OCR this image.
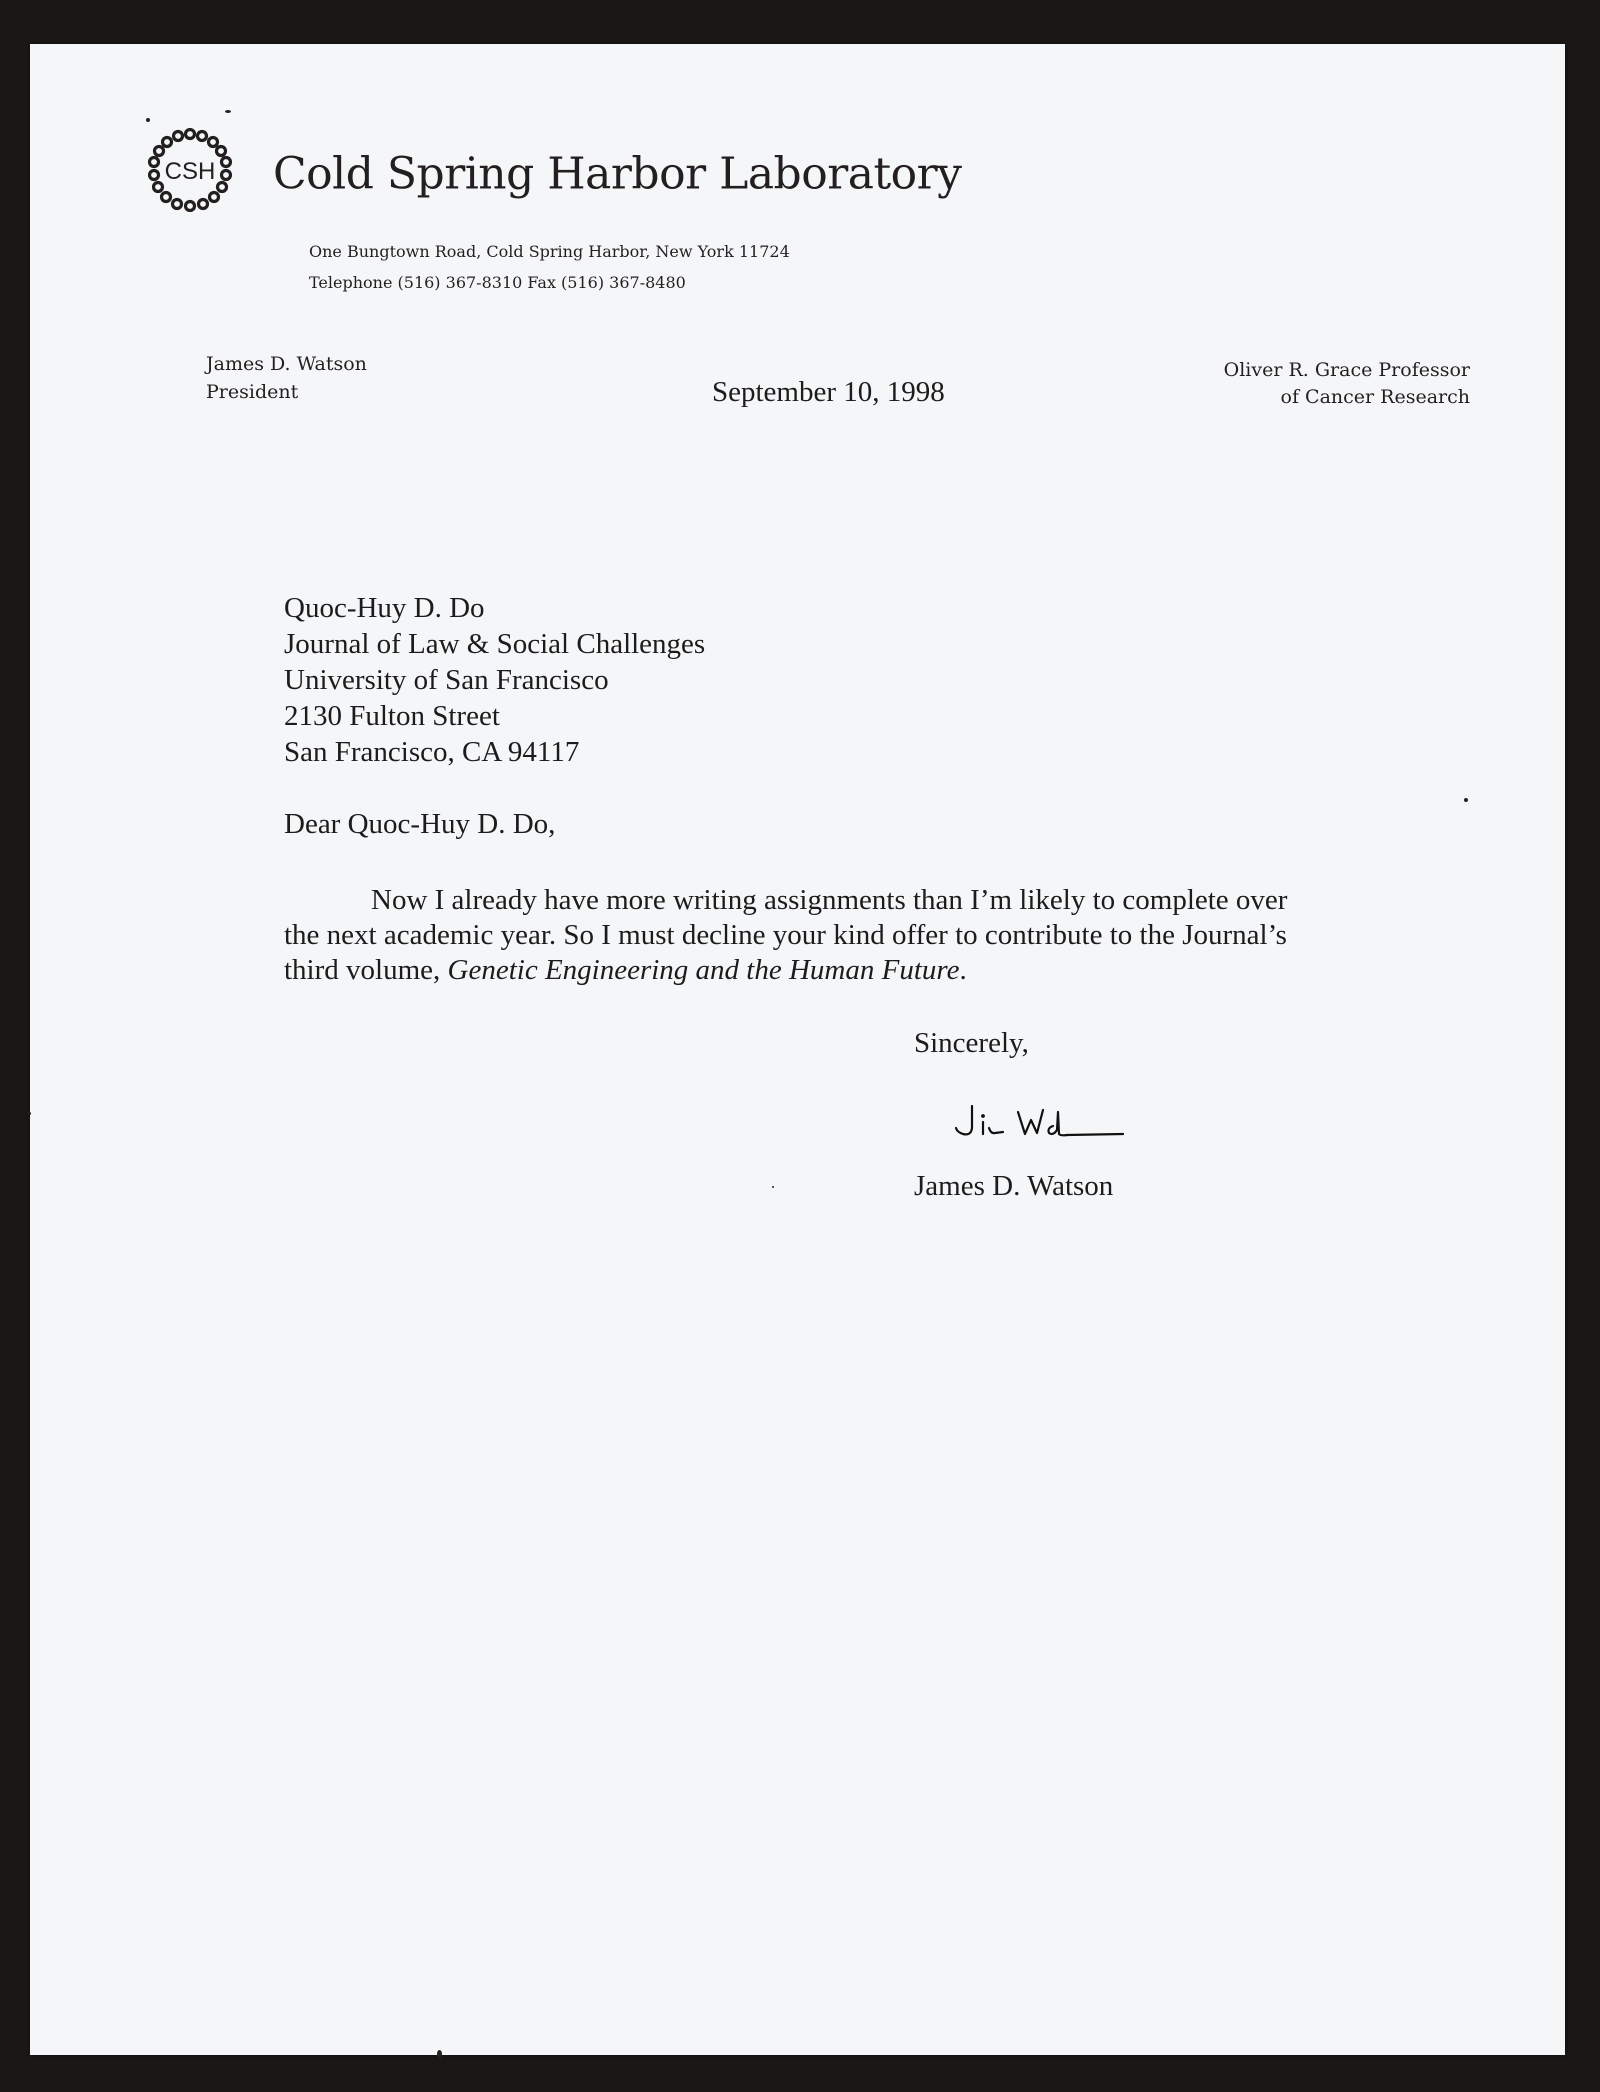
CSH Cold Spring Harbor Laboratory
One Bungtown Road, Cold Spring Harbor, New York 11724
Telephone (516) 367-8310 Fax (516) 367-8480
James D. Watson
President
Oliver R. Grace Professor
of Cancer Research
September 10, 1998
Quoc-Huy D. Do
Journal of Law & Social Challenges
University of San Francisco
2130 Fulton Street
San Francisco, CA 94117
Dear Quoc-Huy D. Do,
Now I already have more writing assignments than I’m likely to complete over
the next academic year. So I must decline your kind offer to contribute to the Journal’s
third volume, Genetic Engineering and the Human Future.
Sincerely,
James D. Watson
